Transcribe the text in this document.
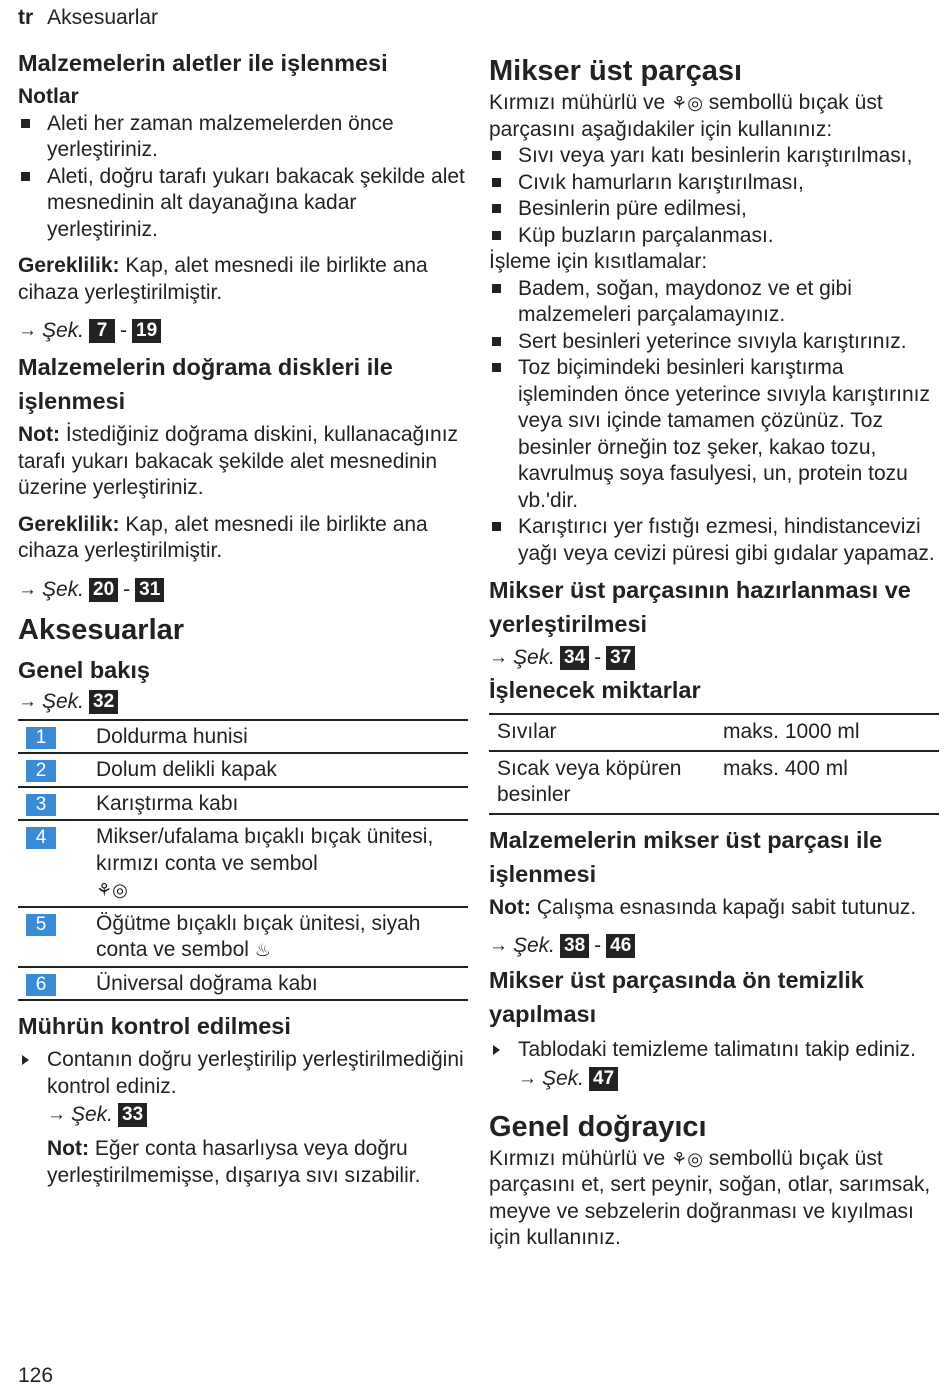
tr Aksesuarlar
Malzemelerin aletler ile işlenmesi

Notlar

Aleti her zaman malzemelerden önce yerleştiriniz.
Aleti, doğru tarafı yukarı bakacak şekilde alet mesnedinin alt dayanağına kadar yerleştiriniz.

Gereklilik: Kap, alet mesnedi ile birlikte ana cihaza yerleştirilmiştir.

→ Şek. 7 - 19

Malzemelerin doğrama diskleri ile işlenmesi

Not: İstediğiniz doğrama diskini, kullanacağınız tarafı yukarı bakacak şekilde alet mesnedinin üzerine yerleştiriniz.

Gereklilik: Kap, alet mesnedi ile birlikte ana cihaza yerleştirilmiştir.

→ Şek. 20 - 31

Aksesuarlar
Genel bakış

→ Şek. 32

1	Doldurma hunisi
2	Dolum delikli kapak
3	Karıştırma kabı
4	Mikser/ufalama bıçaklı bıçak ünitesi, kırmızı conta ve sembol
⚘◎
5	Öğütme bıçaklı bıçak ünitesi, siyah conta ve sembol ♨
6	Üniversal doğrama kabı
Mührün kontrol edilmesi
Contanın doğru yerleştirilip yerleştirilmediğini kontrol ediniz.

→ Şek. 33

Not: Eğer conta hasarlıysa veya doğru yerleştirilmemişse, dışarıya sıvı sızabilir.

Mikser üst parçası

Kırmızı mühürlü ve ⚘◎ sembollü bıçak üst parçasını aşağıdakiler için kullanınız:

Sıvı veya yarı katı besinlerin karıştırılması,
Cıvık hamurların karıştırılması,
Besinlerin püre edilmesi,
Küp buzların parçalanması.

İşleme için kısıtlamalar:

Badem, soğan, maydonoz ve et gibi malzemeleri parçalamayınız.
Sert besinleri yeterince sıvıyla karıştırınız.
Toz biçimindeki besinleri karıştırma işleminden önce yeterince sıvıyla karıştırınız veya sıvı içinde tamamen çözünüz. Toz besinler örneğin toz şeker, kakao tozu, kavrulmuş soya fasulyesi, un, protein tozu vb.'dir.
Karıştırıcı yer fıstığı ezmesi, hindistancevizi yağı veya cevizi püresi gibi gıdalar yapamaz.
Mikser üst parçasının hazırlanması ve yerleştirilmesi

→ Şek. 34 - 37

İşlenecek miktarlar
Sıvılar	maks. 1000 ml
Sıcak veya köpüren besinler	maks. 400 ml
Malzemelerin mikser üst parçası ile işlenmesi

Not: Çalışma esnasında kapağı sabit tutunuz.

→ Şek. 38 - 46

Mikser üst parçasında ön temizlik yapılması
Tablodaki temizleme talimatını takip ediniz.

→ Şek. 47

Genel doğrayıcı

Kırmızı mühürlü ve ⚘◎ sembollü bıçak üst parçasını et, sert peynir, soğan, otlar, sarımsak, meyve ve sebzelerin doğranması ve kıyılması için kullanınız.

126
